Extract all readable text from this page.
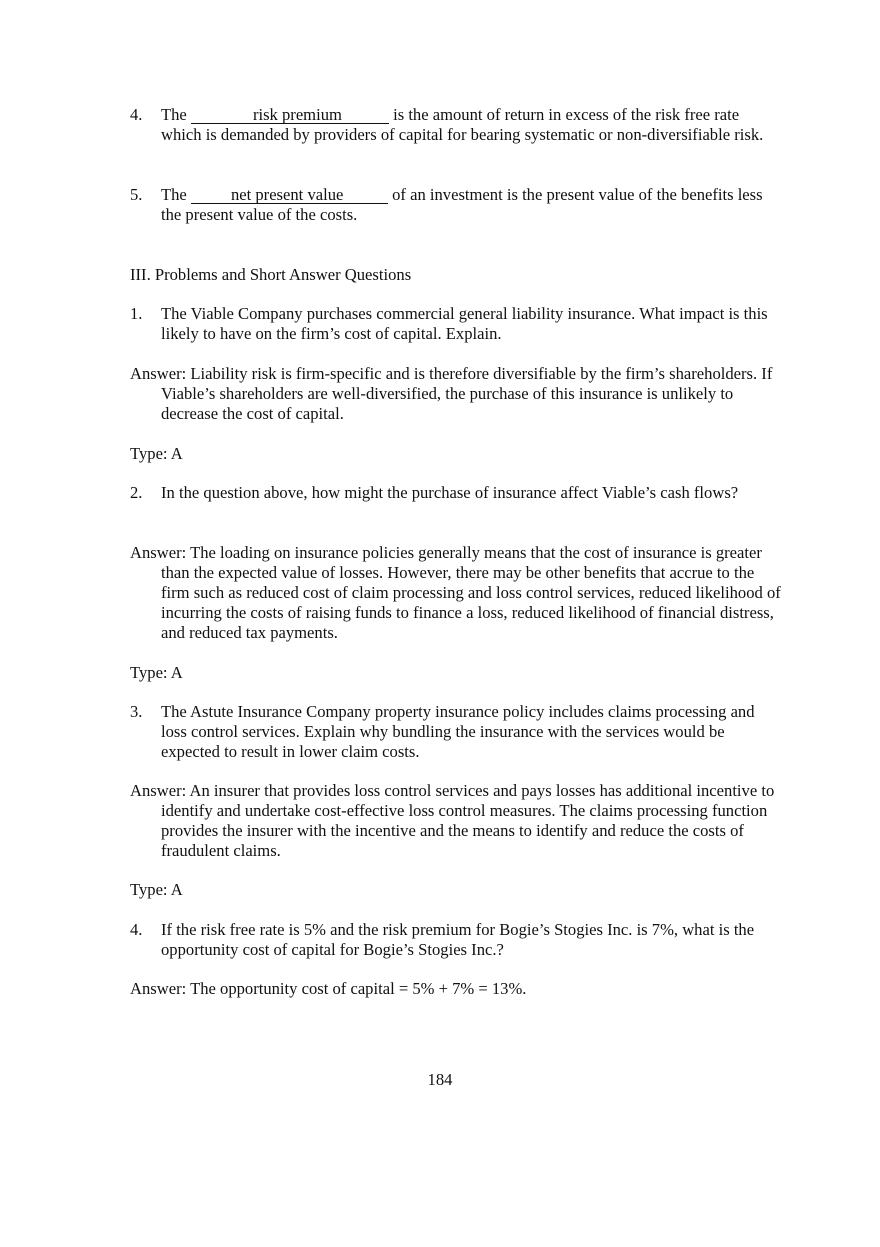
4. The	risk premium	is the amount of return in excess of the risk free rate which is demanded by providers of capital for bearing systematic or non-diversifiable risk.
5. The net present value	of an investment is the present value of the benefits less the present value of the costs.
III. Problems and Short Answer Questions
1. The Viable Company purchases commercial general liability insurance. What impact is this likely to have on the firm’s cost of capital. Explain.
Answer: Liability risk is firm-specific and is therefore diversifiable by the firm’s shareholders. If Viable’s shareholders are well-diversified, the purchase of this insurance is unlikely to decrease the cost of capital.
Type: A
2. In the question above, how might the purchase of insurance affect Viable’s cash flows?
Answer: The loading on insurance policies generally means that the cost of insurance is greater than the expected value of losses. However, there may be other benefits that accrue to the firm such as reduced cost of claim processing and loss control services, reduced likelihood of incurring the costs of raising funds to finance a loss, reduced likelihood of financial distress, and reduced tax payments.
Type: A
3. The Astute Insurance Company property insurance policy includes claims processing and loss control services. Explain why bundling the insurance with the services would be expected to result in lower claim costs.
Answer: An insurer that provides loss control services and pays losses has additional incentive to identify and undertake cost-effective loss control measures. The claims processing function provides the insurer with the incentive and the means to identify and reduce the costs of fraudulent claims.
Type: A
4. If the risk free rate is 5% and the risk premium for Bogie’s Stogies Inc. is 7%, what is the opportunity cost of capital for Bogie’s Stogies Inc.?
Answer: The opportunity cost of capital = 5% + 7% = 13%.
184
